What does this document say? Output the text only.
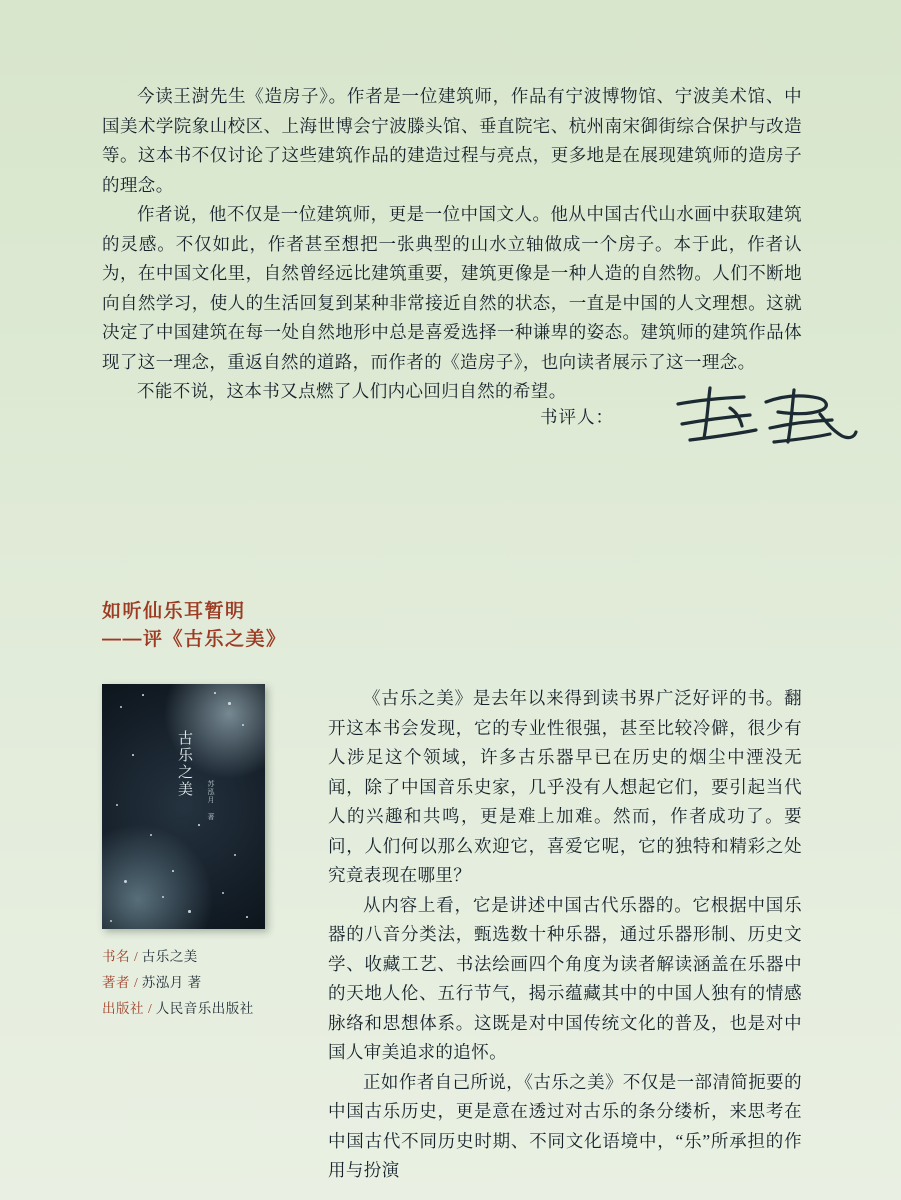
今读王澍先生《造房子》。作者是一位建筑师，作品有宁波博物馆、宁波美术馆、中国美术学院象山校区、上海世博会宁波滕头馆、垂直院宅、杭州南宋御街综合保护与改造等。这本书不仅讨论了这些建筑作品的建造过程与亮点，更多地是在展现建筑师的造房子的理念。

作者说，他不仅是一位建筑师，更是一位中国文人。他从中国古代山水画中获取建筑的灵感。不仅如此，作者甚至想把一张典型的山水立轴做成一个房子。本于此，作者认为，在中国文化里，自然曾经远比建筑重要，建筑更像是一种人造的自然物。人们不断地向自然学习，使人的生活回复到某种非常接近自然的状态，一直是中国的人文理想。这就决定了中国建筑在每一处自然地形中总是喜爱选择一种谦卑的姿态。建筑师的建筑作品体现了这一理念，重返自然的道路，而作者的《造房子》，也向读者展示了这一理念。

不能不说，这本书又点燃了人们内心回归自然的希望。

书评人：
如听仙乐耳暂明
——评《古乐之美》
古乐之美
苏泓月 著
书名 / 古乐之美
著者 / 苏泓月 著
出版社 / 人民音乐出版社

《古乐之美》是去年以来得到读书界广泛好评的书。翻开这本书会发现，它的专业性很强，甚至比较冷僻，很少有人涉足这个领域，许多古乐器早已在历史的烟尘中湮没无闻，除了中国音乐史家，几乎没有人想起它们，要引起当代人的兴趣和共鸣，更是难上加难。然而，作者成功了。要问，人们何以那么欢迎它，喜爱它呢，它的独特和精彩之处究竟表现在哪里？

从内容上看，它是讲述中国古代乐器的。它根据中国乐器的八音分类法，甄选数十种乐器，通过乐器形制、历史文学、收藏工艺、书法绘画四个角度为读者解读涵盖在乐器中的天地人伦、五行节气，揭示蕴藏其中的中国人独有的情感脉络和思想体系。这既是对中国传统文化的普及，也是对中国人审美追求的追怀。

正如作者自己所说，《古乐之美》不仅是一部清简扼要的中国古乐历史，更是意在透过对古乐的条分缕析，来思考在中国古代不同历史时期、不同文化语境中，“乐”所承担的作用与扮演
